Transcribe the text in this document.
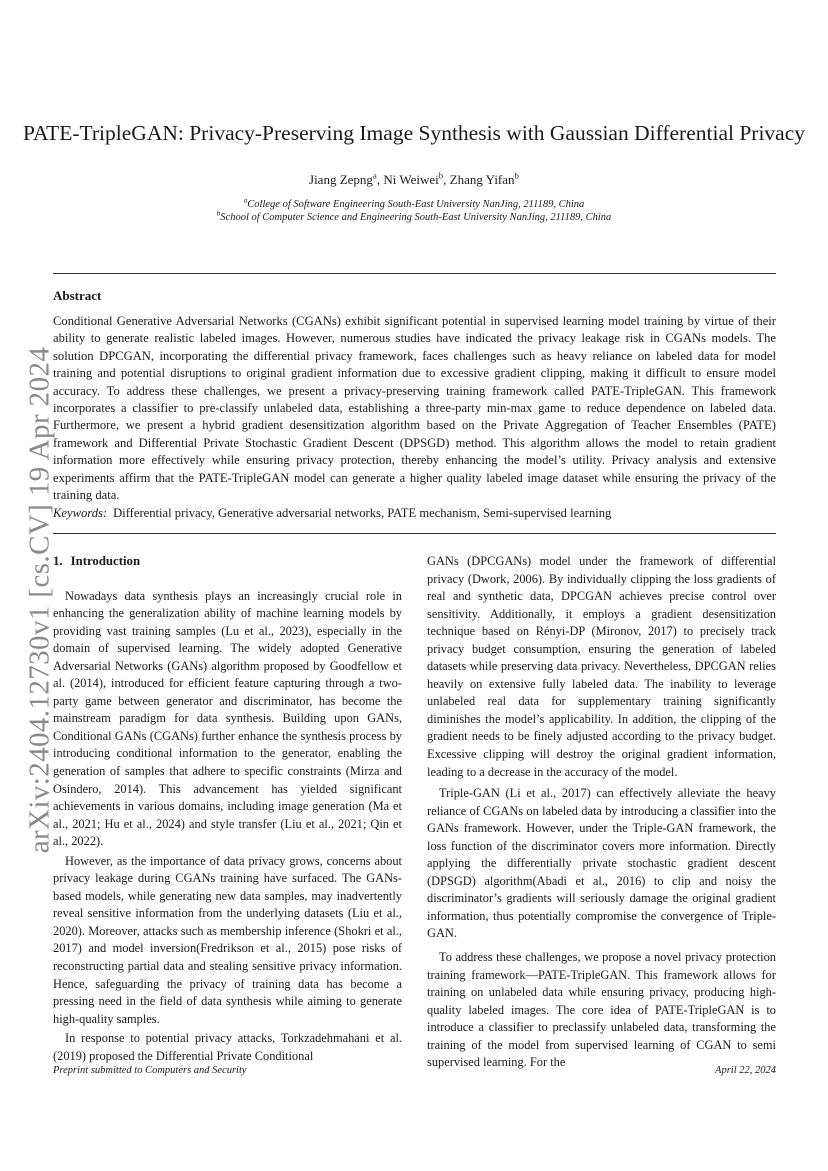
arXiv:2404.12730v1 [cs.CV] 19 Apr 2024
PATE-TripleGAN: Privacy-Preserving Image Synthesis with Gaussian Differential Privacy
Jiang Zepng$^a$, Ni Weiwei$^b$, Zhang Yifan$^b$
$^a$College of Software Engineering South-East University NanJing, 211189, China
$^b$School of Computer Science and Engineering South-East University NanJing, 211189, China
Abstract
Conditional Generative Adversarial Networks (CGANs) exhibit significant potential in supervised learning model training by virtue of their ability to generate realistic labeled images. However, numerous studies have indicated the privacy leakage risk in CGANs models. The solution DPCGAN, incorporating the differential privacy framework, faces challenges such as heavy reliance on labeled data for model training and potential disruptions to original gradient information due to excessive gradient clipping, making it difficult to ensure model accuracy. To address these challenges, we present a privacy-preserving training framework called PATE-TripleGAN. This framework incorporates a classifier to pre-classify unlabeled data, establishing a three-party min-max game to reduce dependence on labeled data. Furthermore, we present a hybrid gradient desensitization algorithm based on the Private Aggregation of Teacher Ensembles (PATE) framework and Differential Private Stochastic Gradient Descent (DPSGD) method. This algorithm allows the model to retain gradient information more effectively while ensuring privacy protection, thereby enhancing the model’s utility. Privacy analysis and extensive experiments affirm that the PATE-TripleGAN model can generate a higher quality labeled image dataset while ensuring the privacy of the training data.
Keywords: Differential privacy, Generative adversarial networks, PATE mechanism, Semi-supervised learning

1. Introduction

Nowadays data synthesis plays an increasingly crucial role in enhancing the generalization ability of machine learning models by providing vast training samples (Lu et al., 2023), especially in the domain of supervised learning. The widely adopted Generative Adversarial Networks (GANs) algorithm proposed by Goodfellow et al. (2014), introduced for efficient feature capturing through a two-party game between generator and discriminator, has become the mainstream paradigm for data synthesis. Building upon GANs, Conditional GANs (CGANs) further enhance the synthesis process by introducing conditional information to the generator, enabling the generation of samples that adhere to specific constraints (Mirza and Osindero, 2014). This advancement has yielded significant achievements in various domains, including image generation (Ma et al., 2021; Hu et al., 2024) and style transfer (Liu et al., 2021; Qin et al., 2022).

However, as the importance of data privacy grows, concerns about privacy leakage during CGANs training have surfaced. The GANs-based models, while generating new data samples, may inadvertently reveal sensitive information from the underlying datasets (Liu et al., 2020). Moreover, attacks such as membership inference (Shokri et al., 2017) and model inversion(Fredrikson et al., 2015) pose risks of reconstructing partial data and stealing sensitive privacy information. Hence, safeguarding the privacy of training data has become a pressing need in the field of data synthesis while aiming to generate high-quality samples.

In response to potential privacy attacks, Torkzadehmahani et al. (2019) proposed the Differential Private Conditional

GANs (DPCGANs) model under the framework of differential privacy (Dwork, 2006). By individually clipping the loss gradients of real and synthetic data, DPCGAN achieves precise control over sensitivity. Additionally, it employs a gradient desensitization technique based on Rényi-DP (Mironov, 2017) to precisely track privacy budget consumption, ensuring the generation of labeled datasets while preserving data privacy. Nevertheless, DPCGAN relies heavily on extensive fully labeled data. The inability to leverage unlabeled real data for supplementary training significantly diminishes the model’s applicability. In addition, the clipping of the gradient needs to be finely adjusted according to the privacy budget. Excessive clipping will destroy the original gradient information, leading to a decrease in the accuracy of the model.

Triple-GAN (Li et al., 2017) can effectively alleviate the heavy reliance of CGANs on labeled data by introducing a classifier into the GANs framework. However, under the Triple-GAN framework, the loss function of the discriminator covers more information. Directly applying the differentially private stochastic gradient descent (DPSGD) algorithm(Abadi et al., 2016) to clip and noisy the discriminator’s gradients will seriously damage the original gradient information, thus potentially compromise the convergence of Triple-GAN.

To address these challenges, we propose a novel privacy protection training framework—PATE-TripleGAN. This framework allows for training on unlabeled data while ensuring privacy, producing high-quality labeled images. The core idea of PATE-TripleGAN is to introduce a classifier to preclassify unlabeled data, transforming the training of the model from supervised learning of CGAN to semi supervised learning. For the

Preprint submitted to Computers and Security	April 22, 2024
